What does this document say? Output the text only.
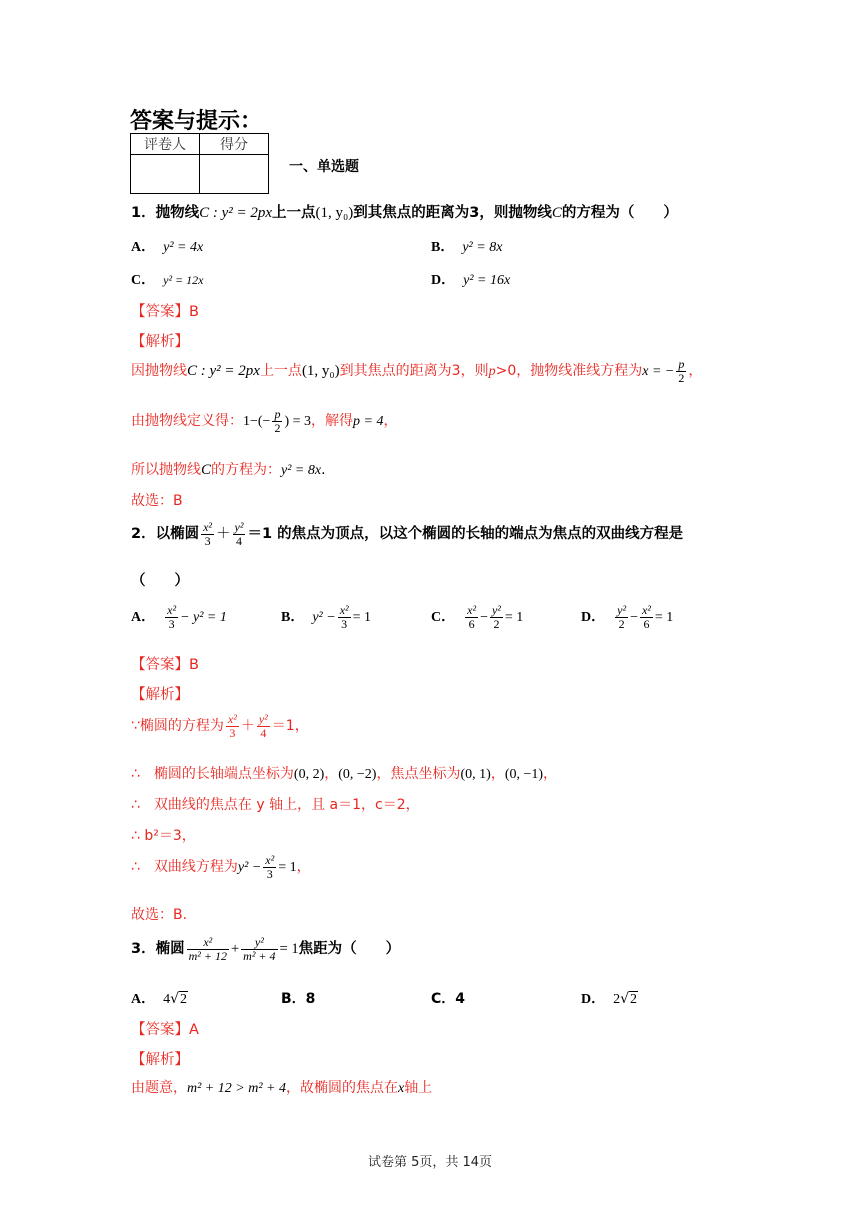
答案与提示：
评卷人	得分

一、单选题
1．抛物线C : y² = 2px上一点(1, y₀)到其焦点的距离为3，则抛物线C的方程为（　　）
A． y² = 4x	B． y² = 8x
C． y² = 12x	D． y² = 16x
【答案】B
【解析】
因抛物线C : y² = 2px上一点(1, y₀)到其焦点的距离为3，则p>0，抛物线准线方程为x = − $\frac{p}{2}$ ，
由抛物线定义得：$1-(- \frac{p}{2}$ ) = 3，解得p = 4，
所以抛物线C的方程为：y² = 8x.
故选：B
2．以椭圆 $\frac{\text{x²}}{3} + \frac{\text{y²}}{4} =1$ 的焦点为顶点，以这个椭圆的长轴的端点为焦点的双曲线方程是
（　　）
A． $\frac{\text{x²}}{3} - y^2 = 1$	B． $y^2 - \frac{\text{x²}}{3} = 1$	C． $\frac{\text{x²}}{6} - \frac{\text{y²}}{2} = 1$	D． $\frac{\text{y²}}{2} - \frac{\text{x²}}{6} = 1$
【答案】B
【解析】
∵椭圆的方程为 $\frac{\text{x²}}{3} + \frac{\text{y²}}{4} =1$，
∴　椭圆的长轴端点坐标为(0, 2)，(0, −2)，焦点坐标为(0, 1)，(0, −1)，
∴　双曲线的焦点在 y 轴上，且 a＝1，c＝2，
∴ b²＝3，
∴　双曲线方程为$y^2 - \frac{\text{x²}}{3} = 1$，
故选：B.
3．椭圆 $\frac{\text{x²}}{\text{m² + 12}} + \frac{\text{y²}}{\text{m² + 4}} = 1$焦距为（　　）
A． 4√2	B．8	C．4	D． 2√2
【答案】A
【解析】
由题意，m² + 12 > m² + 4，故椭圆的焦点在x轴上
试卷第 5页，共 14页
